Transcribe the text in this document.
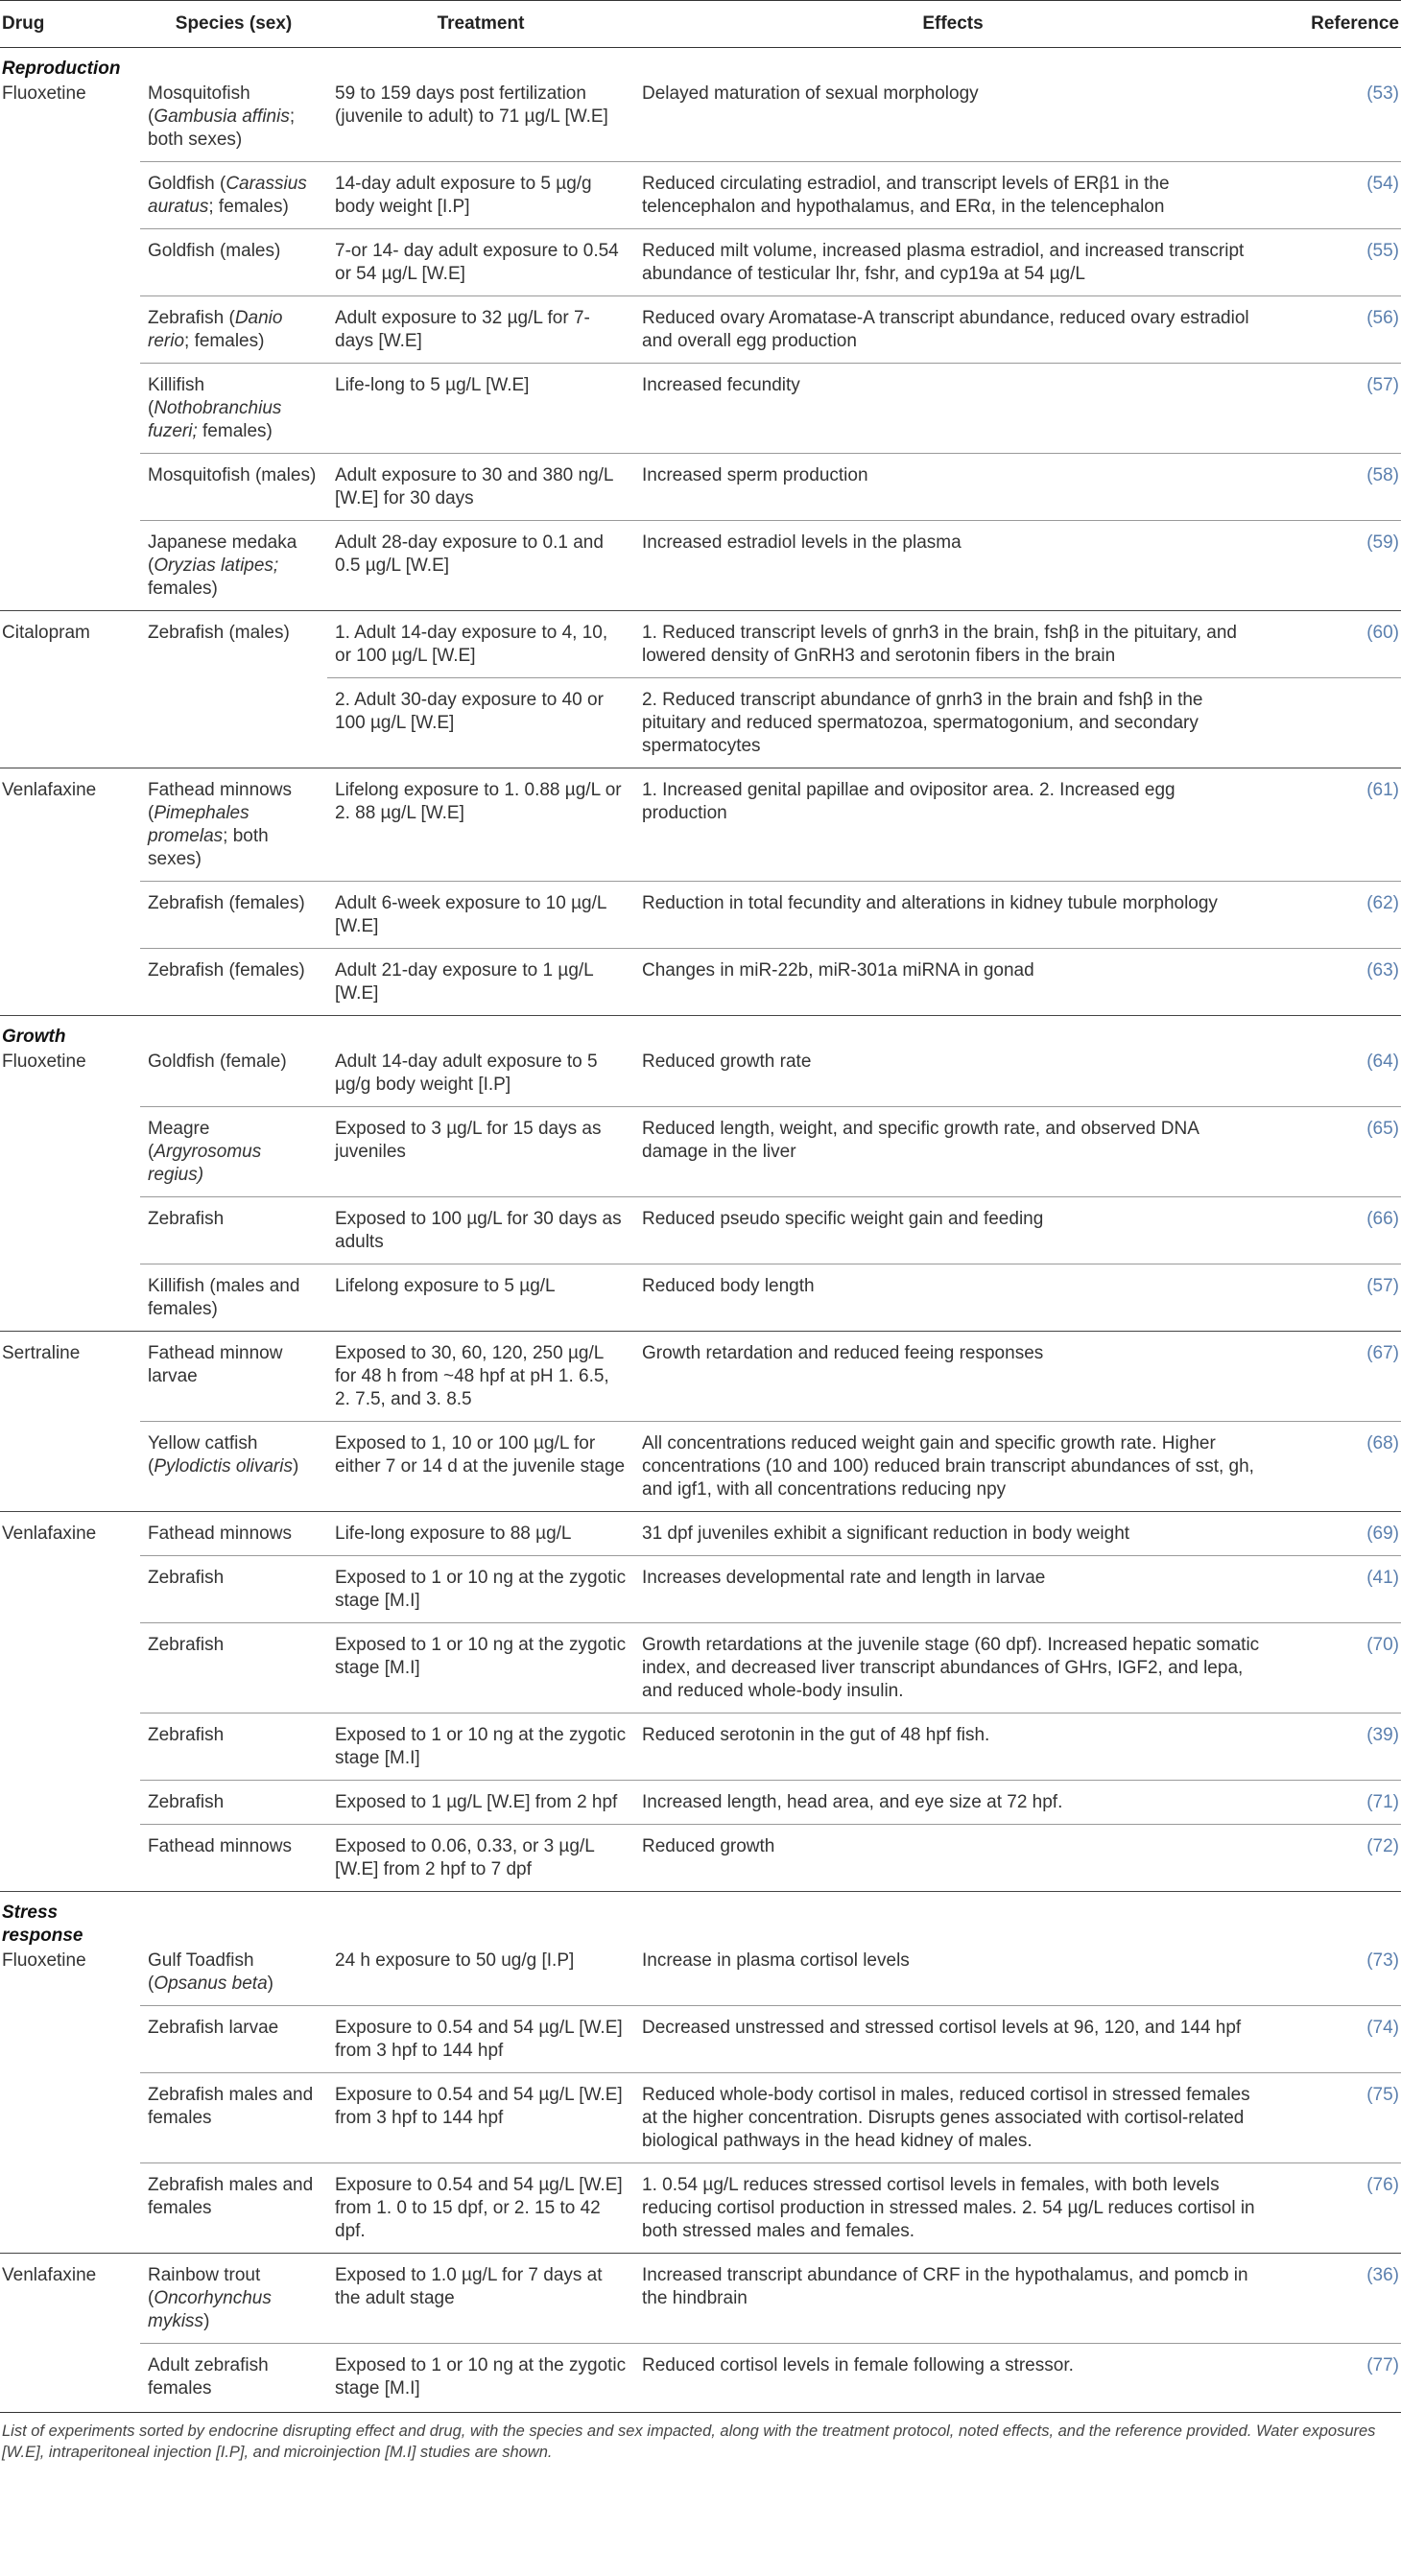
Drug	Species (sex)	Treatment	Effects	Reference
Reproduction				
Fluoxetine	Mosquitofish (Gambusia affinis; both sexes)	59 to 159 days post fertilization (juvenile to adult) to 71 µg/L [W.E]	Delayed maturation of sexual morphology	(53)
	Goldfish (Carassius auratus; females)	14-day adult exposure to 5 µg/g body weight [I.P]	Reduced circulating estradiol, and transcript levels of ERβ1 in the telencephalon and hypothalamus, and ERα, in the telencephalon	(54)
	Goldfish (males)	7-or 14- day adult exposure to 0.54 or 54 µg/L [W.E]	Reduced milt volume, increased plasma estradiol, and increased transcript abundance of testicular lhr, fshr, and cyp19a at 54 µg/L	(55)
	Zebrafish (Danio rerio; females)	Adult exposure to 32 µg/L for 7-days [W.E]	Reduced ovary Aromatase-A transcript abundance, reduced ovary estradiol and overall egg production	(56)
	Killifish (Nothobranchius fuzeri; females)	Life-long to 5 µg/L [W.E]	Increased fecundity	(57)
	Mosquitofish (males)	Adult exposure to 30 and 380 ng/L [W.E] for 30 days	Increased sperm production	(58)
	Japanese medaka (Oryzias latipes; females)	Adult 28-day exposure to 0.1 and 0.5 µg/L [W.E]	Increased estradiol levels in the plasma	(59)
Citalopram	Zebrafish (males)	1. Adult 14-day exposure to 4, 10, or 100 µg/L [W.E]	1. Reduced transcript levels of gnrh3 in the brain, fshβ in the pituitary, and lowered density of GnRH3 and serotonin fibers in the brain	(60)
		2. Adult 30-day exposure to 40 or 100 µg/L [W.E]	2. Reduced transcript abundance of gnrh3 in the brain and fshβ in the pituitary and reduced spermatozoa, spermatogonium, and secondary spermatocytes	
Venlafaxine	Fathead minnows (Pimephales promelas; both sexes)	Lifelong exposure to 1. 0.88 µg/L or 2. 88 µg/L [W.E]	1. Increased genital papillae and ovipositor area. 2. Increased egg production	(61)
	Zebrafish (females)	Adult 6-week exposure to 10 µg/L [W.E]	Reduction in total fecundity and alterations in kidney tubule morphology	(62)
	Zebrafish (females)	Adult 21-day exposure to 1 µg/L [W.E]	Changes in miR-22b, miR-301a miRNA in gonad	(63)
Growth				
Fluoxetine	Goldfish (female)	Adult 14-day adult exposure to 5 µg/g body weight [I.P]	Reduced growth rate	(64)
	Meagre (Argyrosomus regius)	Exposed to 3 µg/L for 15 days as juveniles	Reduced length, weight, and specific growth rate, and observed DNA damage in the liver	(65)
	Zebrafish	Exposed to 100 µg/L for 30 days as adults	Reduced pseudo specific weight gain and feeding	(66)
	Killifish (males and females)	Lifelong exposure to 5 µg/L	Reduced body length	(57)
Sertraline	Fathead minnow larvae	Exposed to 30, 60, 120, 250 µg/L for 48 h from ~48 hpf at pH 1. 6.5, 2. 7.5, and 3. 8.5	Growth retardation and reduced feeing responses	(67)
	Yellow catfish (Pylodictis olivaris)	Exposed to 1, 10 or 100 µg/L for either 7 or 14 d at the juvenile stage	All concentrations reduced weight gain and specific growth rate. Higher concentrations (10 and 100) reduced brain transcript abundances of sst, gh, and igf1, with all concentrations reducing npy	(68)
Venlafaxine	Fathead minnows	Life-long exposure to 88 µg/L	31 dpf juveniles exhibit a significant reduction in body weight	(69)
	Zebrafish	Exposed to 1 or 10 ng at the zygotic stage [M.I]	Increases developmental rate and length in larvae	(41)
	Zebrafish	Exposed to 1 or 10 ng at the zygotic stage [M.I]	Growth retardations at the juvenile stage (60 dpf). Increased hepatic somatic index, and decreased liver transcript abundances of GHrs, IGF2, and lepa, and reduced whole-body insulin.	(70)
	Zebrafish	Exposed to 1 or 10 ng at the zygotic stage [M.I]	Reduced serotonin in the gut of 48 hpf fish.	(39)
	Zebrafish	Exposed to 1 µg/L [W.E] from 2 hpf	Increased length, head area, and eye size at 72 hpf.	(71)
	Fathead minnows	Exposed to 0.06, 0.33, or 3 µg/L [W.E] from 2 hpf to 7 dpf	Reduced growth	(72)
Stress
response				
Fluoxetine	Gulf Toadfish (Opsanus beta)	24 h exposure to 50 ug/g [I.P]	Increase in plasma cortisol levels	(73)
	Zebrafish larvae	Exposure to 0.54 and 54 µg/L [W.E] from 3 hpf to 144 hpf	Decreased unstressed and stressed cortisol levels at 96, 120, and 144 hpf	(74)
	Zebrafish males and females	Exposure to 0.54 and 54 µg/L [W.E] from 3 hpf to 144 hpf	Reduced whole-body cortisol in males, reduced cortisol in stressed females at the higher concentration. Disrupts genes associated with cortisol-related biological pathways in the head kidney of males.	(75)
	Zebrafish males and females	Exposure to 0.54 and 54 µg/L [W.E] from 1. 0 to 15 dpf, or 2. 15 to 42 dpf.	1. 0.54 µg/L reduces stressed cortisol levels in females, with both levels reducing cortisol production in stressed males. 2. 54 µg/L reduces cortisol in both stressed males and females.	(76)
Venlafaxine	Rainbow trout (Oncorhynchus mykiss)	Exposed to 1.0 µg/L for 7 days at the adult stage	Increased transcript abundance of CRF in the hypothalamus, and pomcb in the hindbrain	(36)
	Adult zebrafish females	Exposed to 1 or 10 ng at the zygotic stage [M.I]	Reduced cortisol levels in female following a stressor.	(77)
List of experiments sorted by endocrine disrupting effect and drug, with the species and sex impacted, along with the treatment protocol, noted effects, and the reference provided. Water exposures [W.E], intraperitoneal injection [I.P], and microinjection [M.I] studies are shown.
